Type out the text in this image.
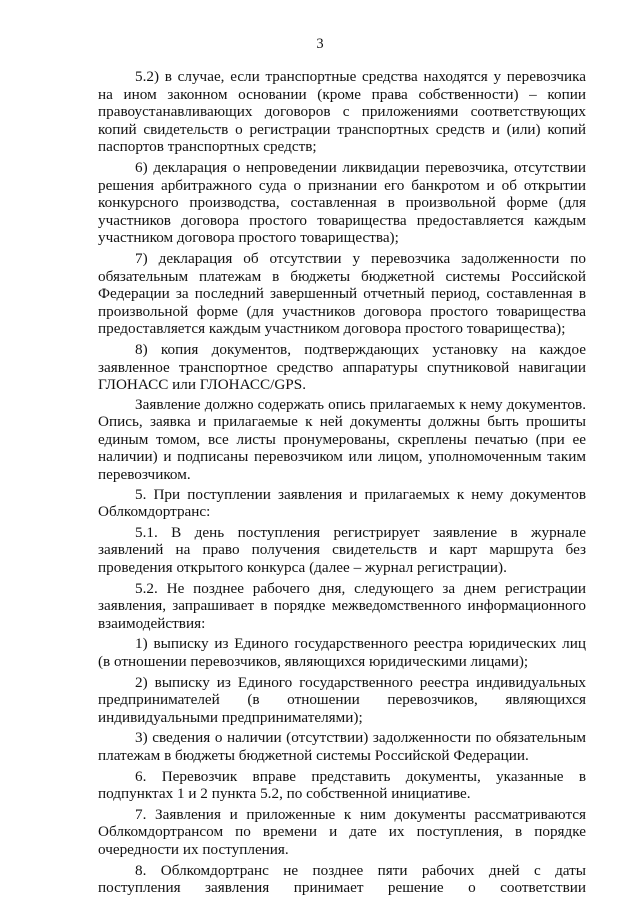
3

5.2) в случае, если транспортные средства находятся у перевозчика на ином законном основании (кроме права собственности) – копии правоустанавливающих договоров с приложениями соответствующих копий свидетельств о регистрации транспортных средств и (или) копий паспортов транспортных средств;

6) декларация о непроведении ликвидации перевозчика, отсутствии решения арбитражного суда о признании его банкротом и об открытии конкурсного производства, составленная в произвольной форме (для участников договора простого товарищества предоставляется каждым участником договора простого товарищества);

7) декларация об отсутствии у перевозчика задолженности по обязательным платежам в бюджеты бюджетной системы Российской Федерации за последний завершенный отчетный период, составленная в произвольной форме (для участников договора простого товарищества предоставляется каждым участником договора простого товарищества);

8) копия документов, подтверждающих установку на каждое заявленное транспортное средство аппаратуры спутниковой навигации ГЛОНАСС или ГЛОНАСС/GPS.

Заявление должно содержать опись прилагаемых к нему документов. Опись, заявка и прилагаемые к ней документы должны быть прошиты единым томом, все листы пронумерованы, скреплены печатью (при ее наличии) и подписаны перевозчиком или лицом, уполномоченным таким перевозчиком.

5. При поступлении заявления и прилагаемых к нему документов Облкомдортранс:

5.1. В день поступления регистрирует заявление в журнале заявлений на право получения свидетельств и карт маршрута без проведения открытого конкурса (далее – журнал регистрации).

5.2. Не позднее рабочего дня, следующего за днем регистрации заявления, запрашивает в порядке межведомственного информационного взаимодействия:

1) выписку из Единого государственного реестра юридических лиц (в отношении перевозчиков, являющихся юридическими лицами);

2) выписку из Единого государственного реестра индивидуальных предпринимателей (в отношении перевозчиков, являющихся индивидуальными предпринимателями);

3) сведения о наличии (отсутствии) задолженности по обязательным платежам в бюджеты бюджетной системы Российской Федерации.

6. Перевозчик вправе представить документы, указанные в подпунктах 1 и 2 пункта 5.2, по собственной инициативе.

7. Заявления и приложенные к ним документы рассматриваются Облкомдортрансом по времени и дате их поступления, в порядке очередности их поступления.

8. Облкомдортранс не позднее пяти рабочих дней с даты поступления заявления принимает решение о соответствии
